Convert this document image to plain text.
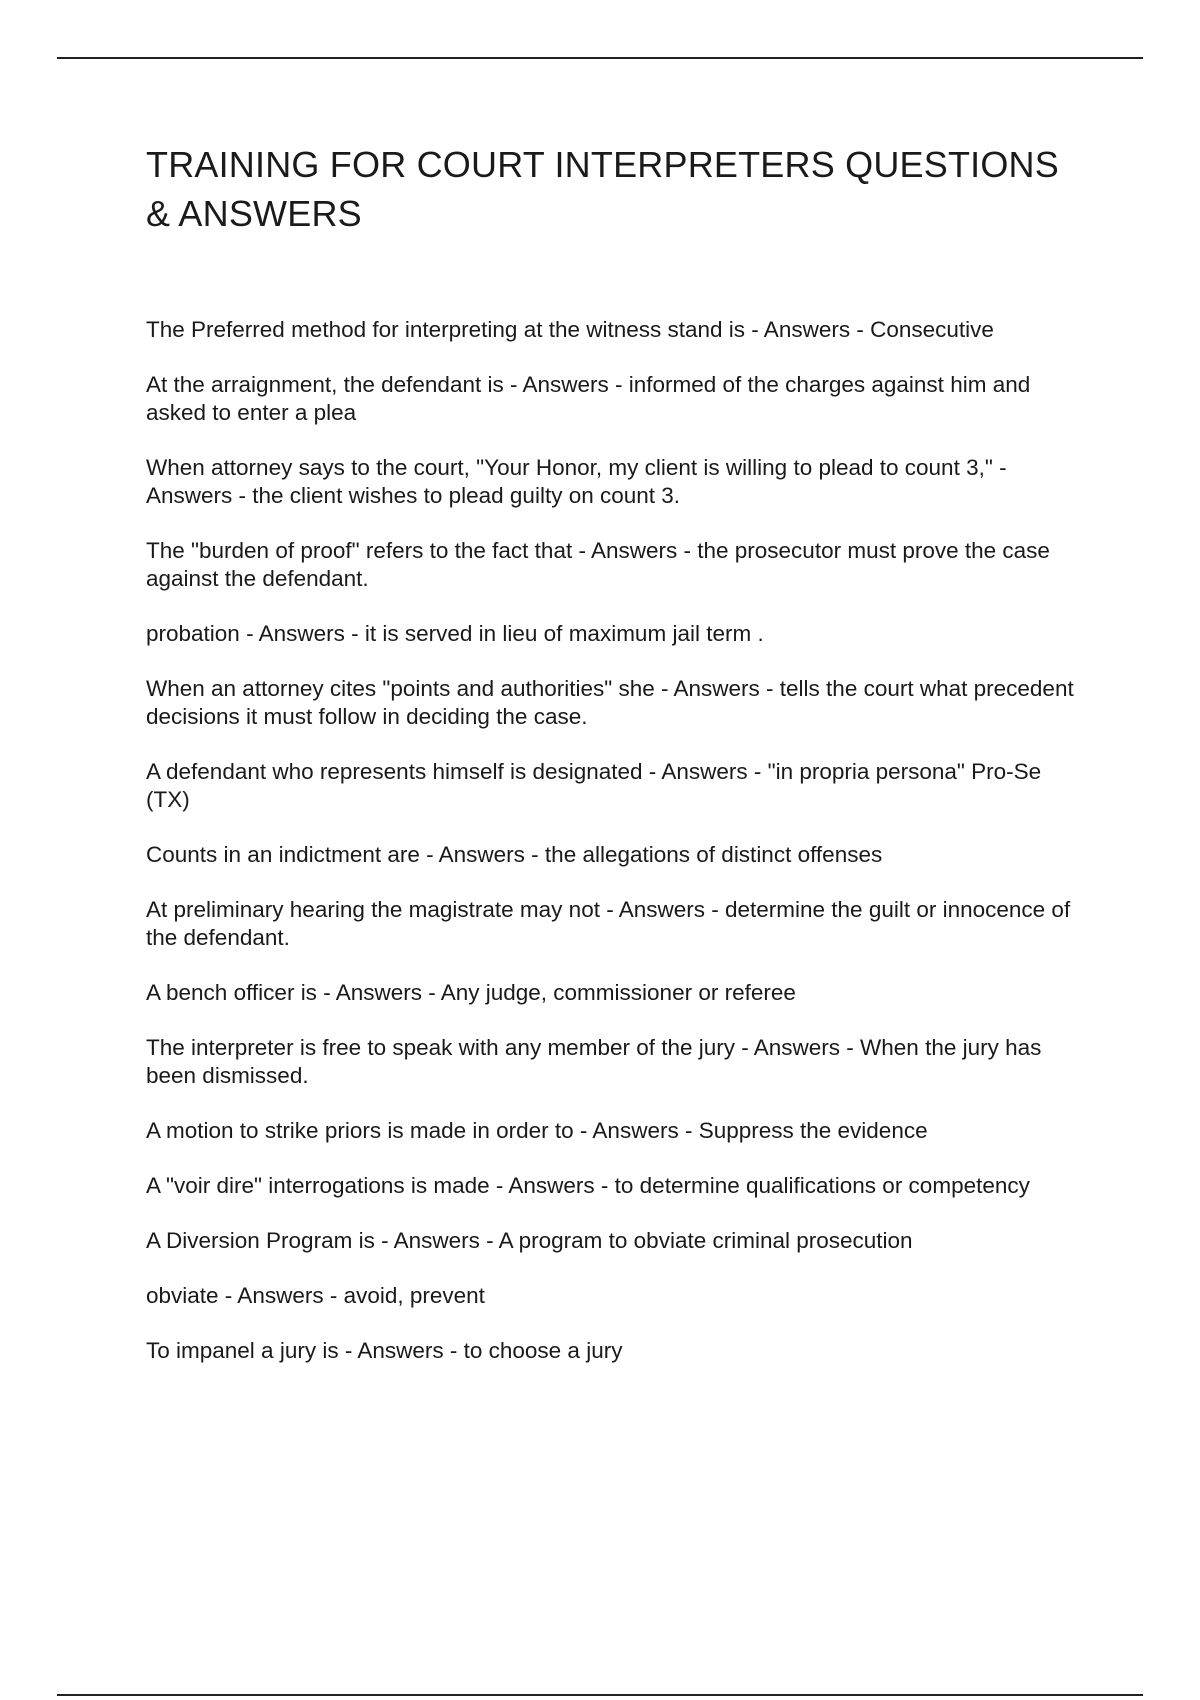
TRAINING FOR COURT INTERPRETERS QUESTIONS & ANSWERS

The Preferred method for interpreting at the witness stand is - Answers - Consecutive

At the arraignment, the defendant is - Answers - informed of the charges against him and asked to enter a plea

When attorney says to the court, "Your Honor, my client is willing to plead to count 3," - Answers - the client wishes to plead guilty on count 3.

The "burden of proof" refers to the fact that - Answers - the prosecutor must prove the case against the defendant.

probation - Answers - it is served in lieu of maximum jail term .

When an attorney cites "points and authorities" she - Answers - tells the court what precedent decisions it must follow in deciding the case.

A defendant who represents himself is designated - Answers - "in propria persona" Pro-Se (TX)

Counts in an indictment are - Answers - the allegations of distinct offenses

At preliminary hearing the magistrate may not - Answers - determine the guilt or innocence of the defendant.

A bench officer is - Answers - Any judge, commissioner or referee

The interpreter is free to speak with any member of the jury - Answers - When the jury has been dismissed.

A motion to strike priors is made in order to - Answers - Suppress the evidence

A "voir dire" interrogations is made - Answers - to determine qualifications or competency

A Diversion Program is - Answers - A program to obviate criminal prosecution

obviate - Answers - avoid, prevent

To impanel a jury is - Answers - to choose a jury
